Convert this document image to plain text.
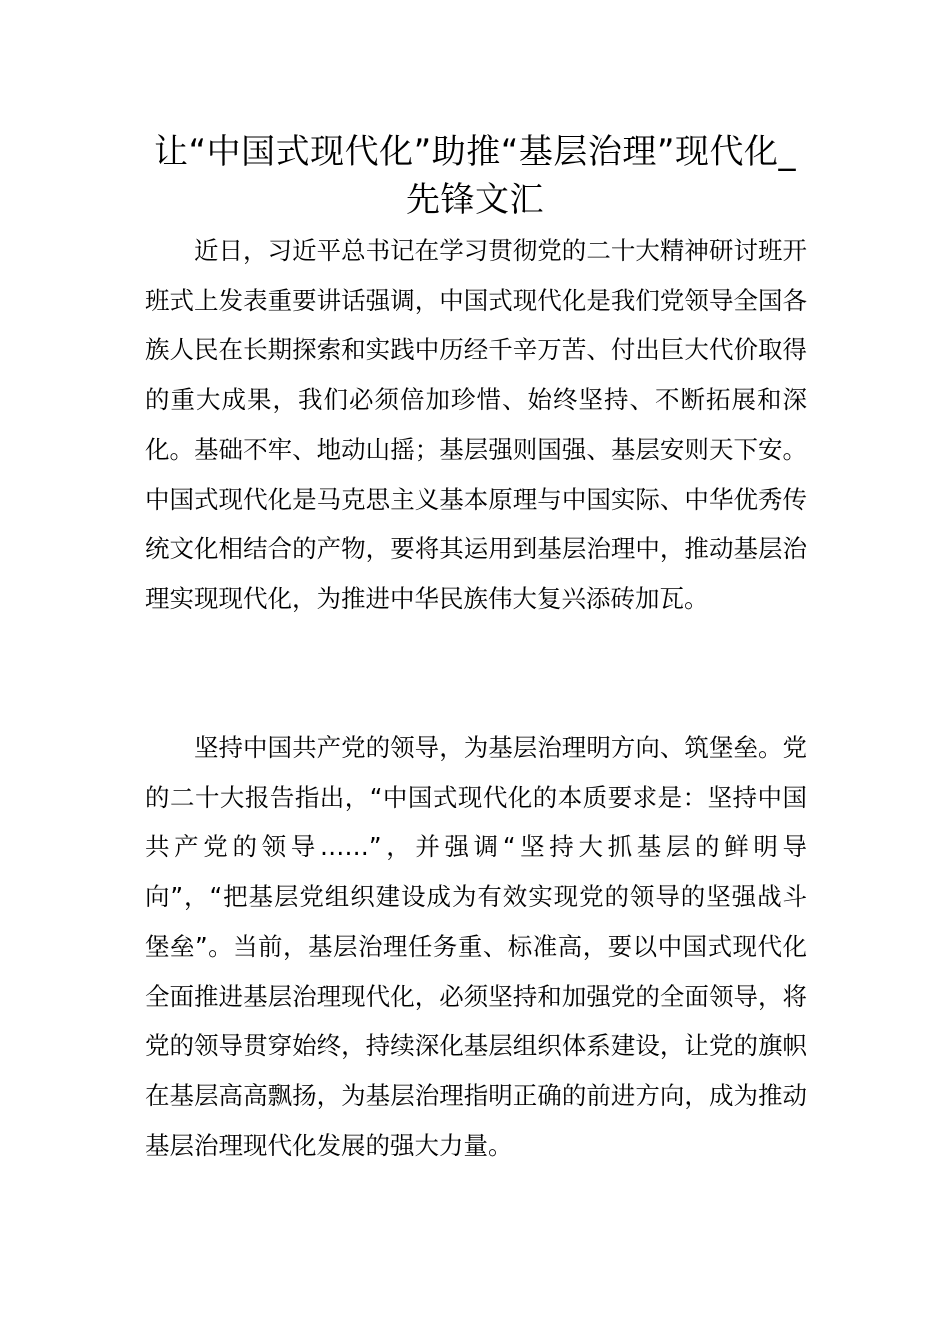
让“中国式现代化”助推“基层治理”现代化_先锋文汇

近日，习近平总书记在学习贯彻党的二十大精神研讨班开班式上发表重要讲话强调，中国式现代化是我们党领导全国各族人民在长期探索和实践中历经千辛万苦、付出巨大代价取得的重大成果，我们必须倍加珍惜、始终坚持、不断拓展和深化。基础不牢、地动山摇；基层强则国强、基层安则天下安。中国式现代化是马克思主义基本原理与中国实际、中华优秀传统文化相结合的产物，要将其运用到基层治理中，推动基层治理实现现代化，为推进中华民族伟大复兴添砖加瓦。

坚持中国共产党的领导，为基层治理明方向、筑堡垒。党的二十大报告指出，“中国式现代化的本质要求是：坚持中国共产党的领导……”，并强调“坚持大抓基层的鲜明导向”，“把基层党组织建设成为有效实现党的领导的坚强战斗堡垒”。当前，基层治理任务重、标准高，要以中国式现代化全面推进基层治理现代化，必须坚持和加强党的全面领导，将党的领导贯穿始终，持续深化基层组织体系建设，让党的旗帜在基层高高飘扬，为基层治理指明正确的前进方向，成为推动基层治理现代化发展的强大力量。
